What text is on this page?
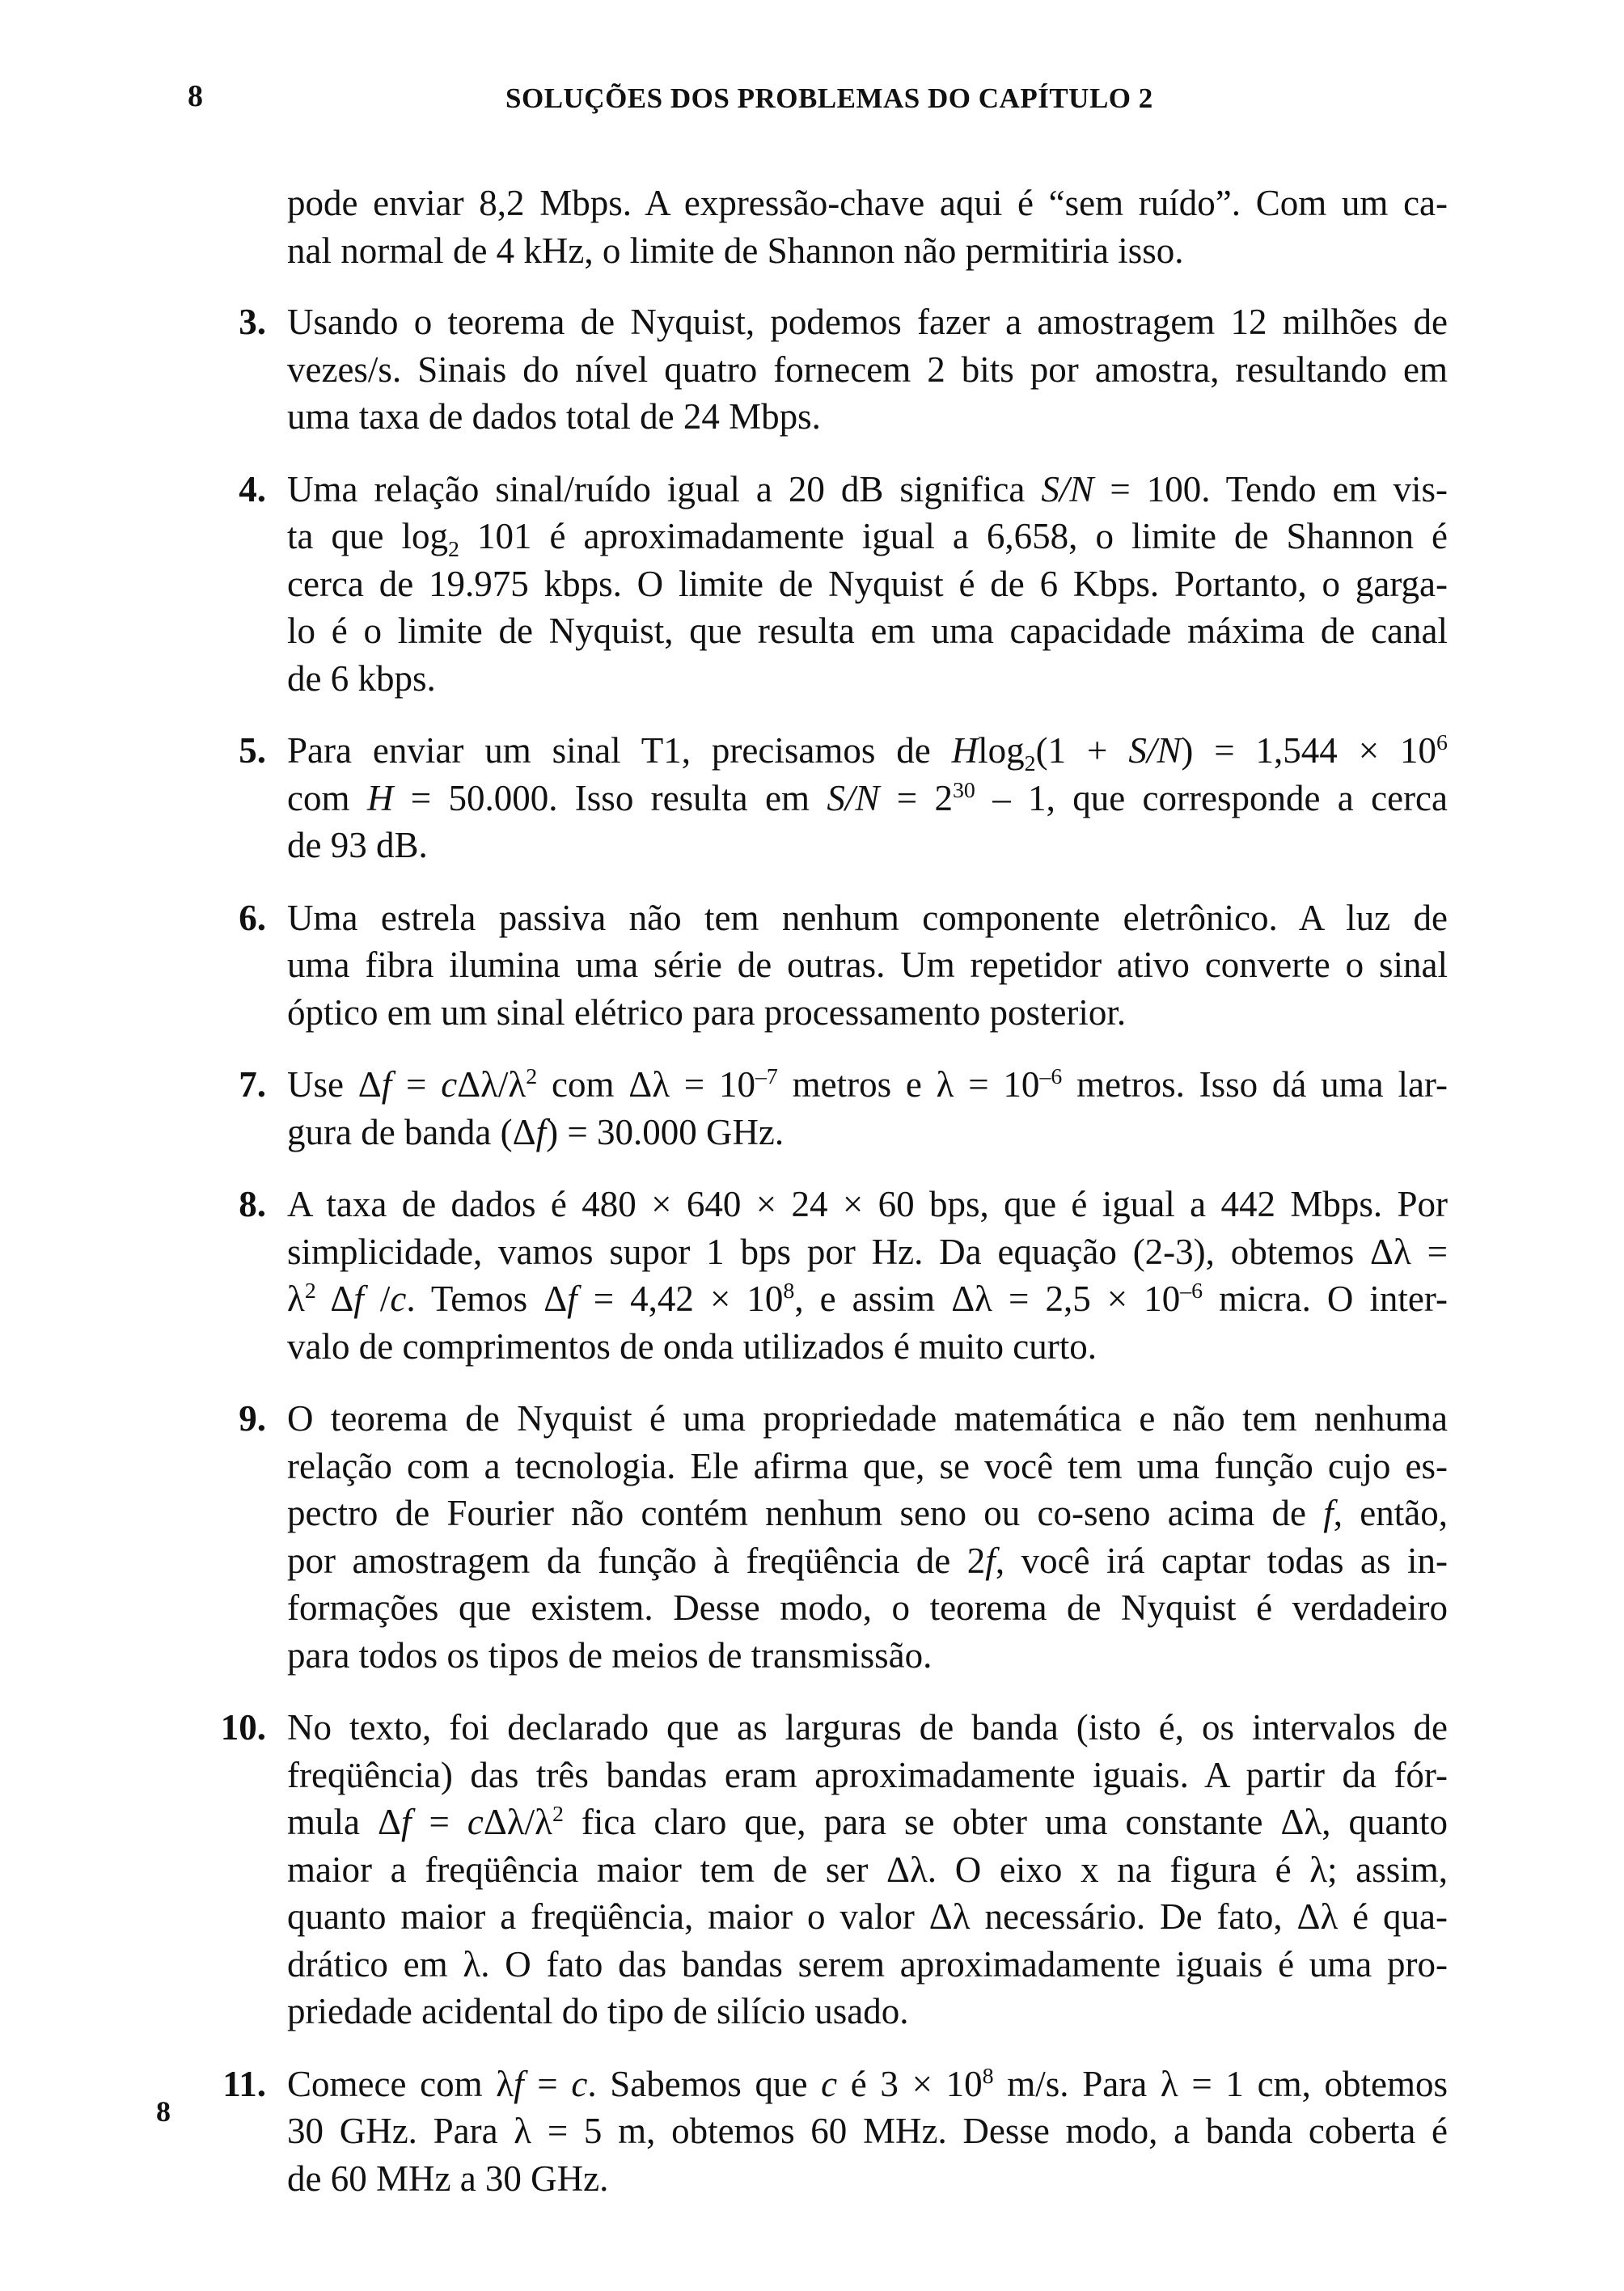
8	SOLUÇÕES DOS PROBLEMAS DO CAPÍTULO 2
pode enviar 8,2 Mbps. A expressão-chave aqui é “sem ruído”. Com um ca-
nal normal de 4 kHz, o limite de Shannon não permitiria isso.
3. Usando o teorema de Nyquist, podemos fazer a amostragem 12 milhões de
vezes/s. Sinais do nível quatro fornecem 2 bits por amostra, resultando em
uma taxa de dados total de 24 Mbps.
4. Uma relação sinal/ruído igual a 20 dB significa S/N = 100. Tendo em vis-
ta que $\log_2 101$ é aproximadamente igual a 6,658, o limite de Shannon é
cerca de 19.975 kbps. O limite de Nyquist é de 6 Kbps. Portanto, o garga-
lo é o limite de Nyquist, que resulta em uma capacidade máxima de canal
de 6 kbps.
5. Para enviar um sinal T1, precisamos de $Hlog_2(1 + S/N) = 1,544 \times 10^6$
com H = 50.000. Isso resulta em $S/N = 2^{30} - 1$, que corresponde a cerca
de 93 dB.
6. Uma estrela passiva não tem nenhum componente eletrônico. A luz de
uma fibra ilumina uma série de outras. Um repetidor ativo converte o sinal
óptico em um sinal elétrico para processamento posterior.
7. Use Δf = cΔλ/$\lambda^2$ com $\Delta\lambda = 10^{-7}$ metros e $\lambda = 10^{-6}$ metros. Isso dá uma lar-
gura de banda (Δf) = 30.000 GHz.
8. A taxa de dados é 480 × 640 × 24 × 60 bps, que é igual a 442 Mbps. Por
simplicidade, vamos supor 1 bps por Hz. Da equação (2-3), obtemos Δλ =
$\lambda^2$ Δf /c. Temos $\Delta f = 4,42 \times 10^8$, e assim $\Delta\lambda = 2,5 \times 10^{-6}$ micra. O inter-
valo de comprimentos de onda utilizados é muito curto.
9. O teorema de Nyquist é uma propriedade matemática e não tem nenhuma
relação com a tecnologia. Ele afirma que, se você tem uma função cujo es-
pectro de Fourier não contém nenhum seno ou co-seno acima de f, então,
por amostragem da função à freqüência de 2f, você irá captar todas as in-
formações que existem. Desse modo, o teorema de Nyquist é verdadeiro
para todos os tipos de meios de transmissão.
10. No texto, foi declarado que as larguras de banda (isto é, os intervalos de
freqüência) das três bandas eram aproximadamente iguais. A partir da fór-
mula Δf = cΔλ/$\lambda^2$ fica claro que, para se obter uma constante Δλ, quanto
maior a freqüência maior tem de ser Δλ. O eixo x na figura é λ; assim,
quanto maior a freqüência, maior o valor Δλ necessário. De fato, Δλ é qua-
drático em λ. O fato das bandas serem aproximadamente iguais é uma pro-
priedade acidental do tipo de silício usado.
11. Comece com λf = c. Sabemos que c é $3 \times 10^8$ m/s. Para λ = 1 cm, obtemos
30 GHz. Para λ = 5 m, obtemos 60 MHz. Desse modo, a banda coberta é
de 60 MHz a 30 GHz.
8
